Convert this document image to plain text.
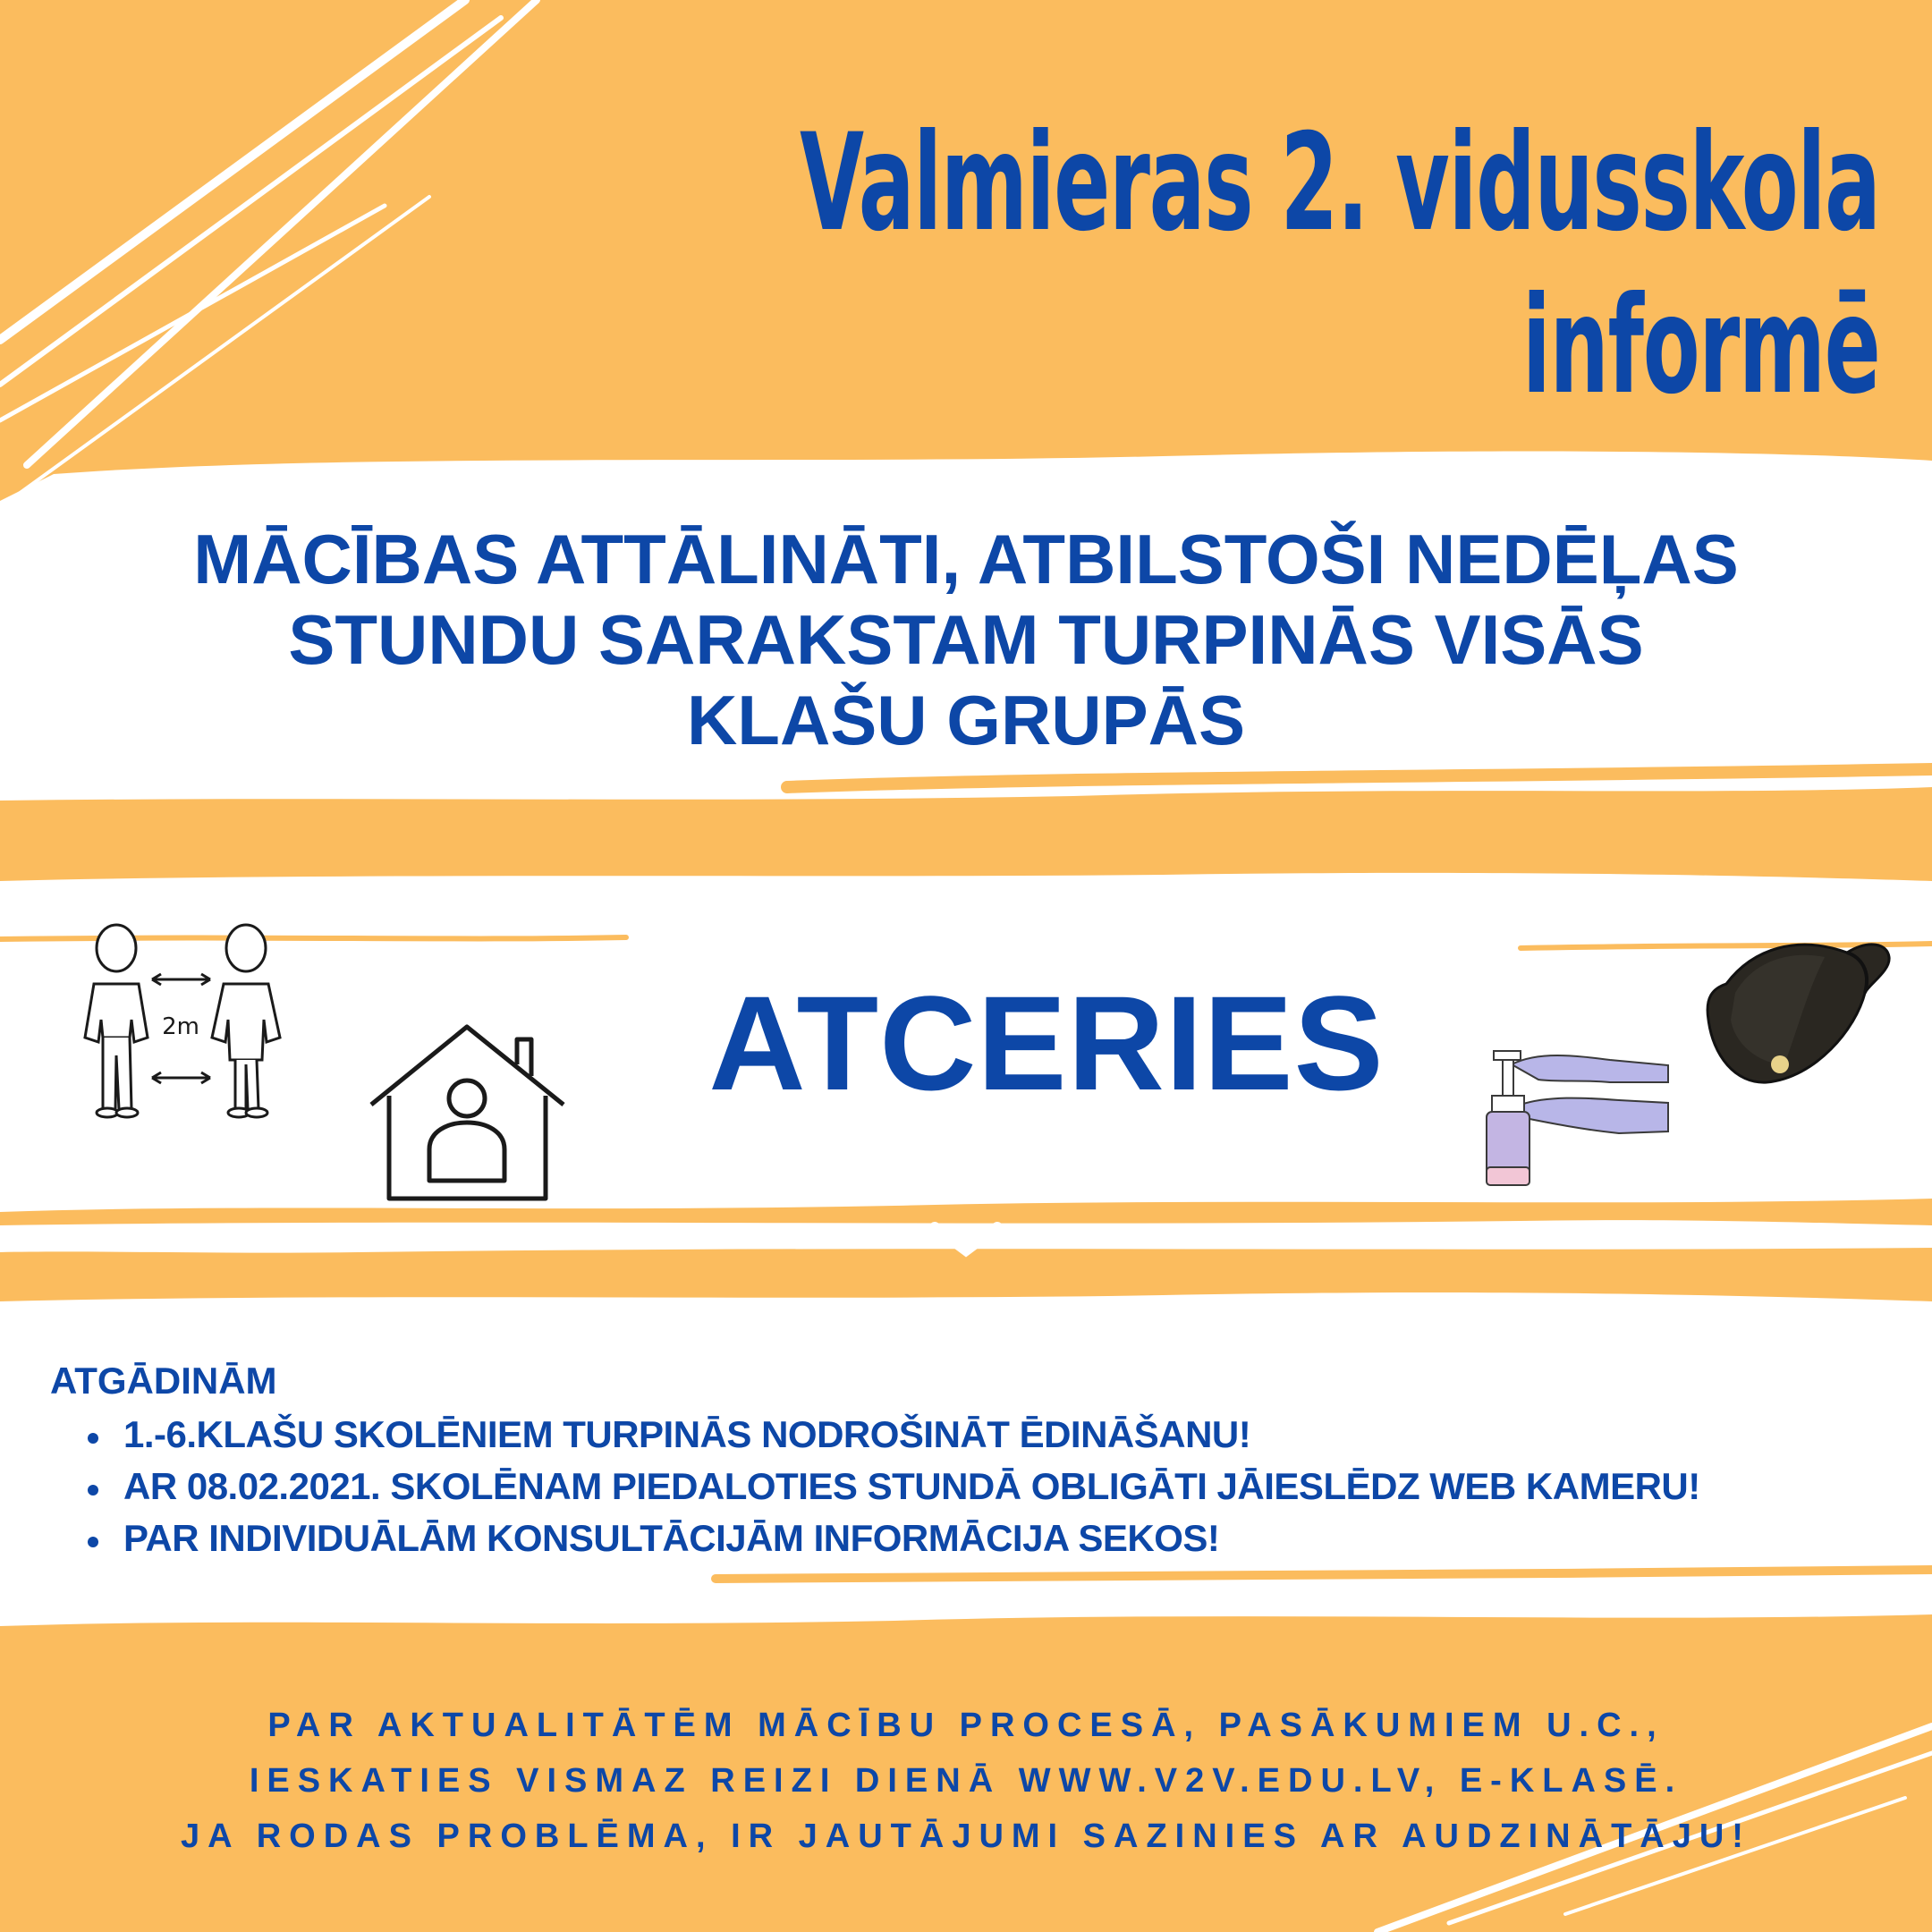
Valmieras 2. vidusskola
informē
MĀCĪBAS ATTĀLINĀTI, ATBILSTOŠI NEDĒĻAS
STUNDU SARAKSTAM TURPINĀS VISĀS
KLAŠU GRUPĀS
ATCERIES
2m
ATGĀDINĀM
1.-6.KLAŠU SKOLĒNIEM TURPINĀS NODROŠINĀT ĒDINĀŠANU!
AR 08.02.2021. SKOLĒNAM PIEDALOTIES STUNDĀ OBLIGĀTI JĀIESLĒDZ WEB KAMERU!
PAR INDIVIDUĀLĀM KONSULTĀCIJĀM INFORMĀCIJA SEKOS!
PAR AKTUALITĀTĒM MĀCĪBU PROCESĀ, PASĀKUMIEM U.C.,
IESKATIES VISMAZ REIZI DIENĀ WWW.V2V.EDU.LV, E-KLASĒ.
JA RODAS PROBLĒMA, IR JAUTĀJUMI SAZINIES AR AUDZINĀTĀJU!
